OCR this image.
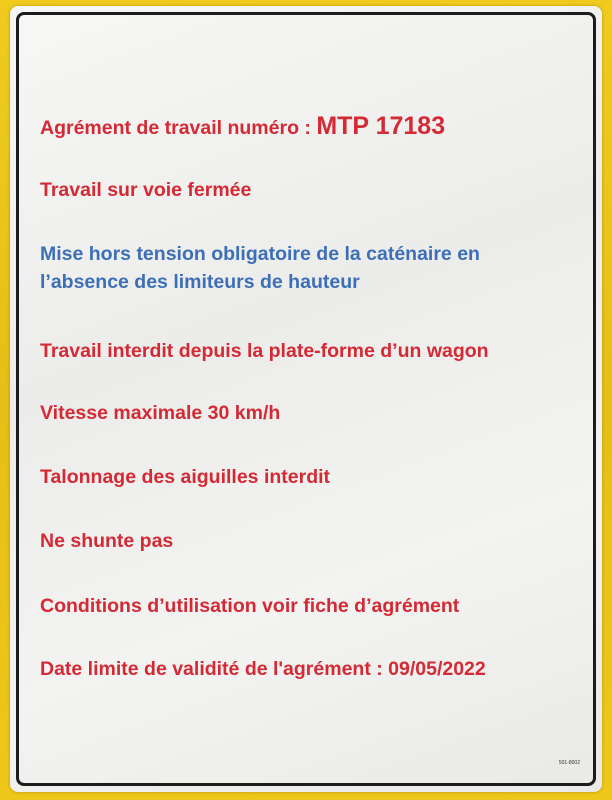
Agrément de travail numéro : MTP 17183

Travail sur voie fermée

Mise hors tension obligatoire de la caténaire en

l’absence des limiteurs de hauteur

Travail interdit depuis la plate-forme d’un wagon

Vitesse maximale 30 km/h

Talonnage des aiguilles interdit

Ne shunte pas

Conditions d’utilisation voir fiche d’agrément

Date limite de validité de l'agrément : 09/05/2022

501-8002
